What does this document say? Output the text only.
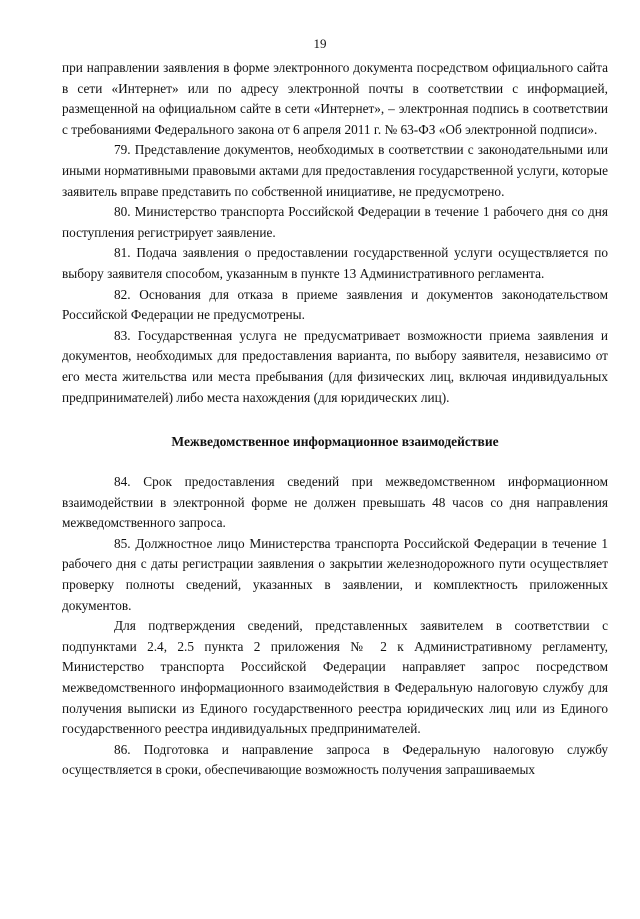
19

при направлении заявления в форме электронного документа посредством официального сайта в сети «Интернет» или по адресу электронной почты в соответствии с информацией, размещенной на официальном сайте в сети «Интернет», – электронная подпись в соответствии с требованиями Федерального закона от 6 апреля 2011 г. № 63-ФЗ «Об электронной подписи».

79. Представление документов, необходимых в соответствии с законодательными или иными нормативными правовыми актами для предоставления государственной услуги, которые заявитель вправе представить по собственной инициативе, не предусмотрено.

80. Министерство транспорта Российской Федерации в течение 1 рабочего дня со дня поступления регистрирует заявление.

81. Подача заявления о предоставлении государственной услуги осуществляется по выбору заявителя способом, указанным в пункте 13 Административного регламента.

82. Основания для отказа в приеме заявления и документов законодательством Российской Федерации не предусмотрены.

83. Государственная услуга не предусматривает возможности приема заявления и документов, необходимых для предоставления варианта, по выбору заявителя, независимо от его места жительства или места пребывания (для физических лиц, включая индивидуальных предпринимателей) либо места нахождения (для юридических лиц).

Межведомственное информационное взаимодействие

84. Срок предоставления сведений при межведомственном информационном взаимодействии в электронной форме не должен превышать 48 часов со дня направления межведомственного запроса.

85. Должностное лицо Министерства транспорта Российской Федерации в течение 1 рабочего дня с даты регистрации заявления о закрытии железнодорожного пути осуществляет проверку полноты сведений, указанных в заявлении, и комплектность приложенных документов.

Для подтверждения сведений, представленных заявителем в соответствии с подпунктами 2.4, 2.5 пункта 2 приложения № 2 к Административному регламенту, Министерство транспорта Российской Федерации направляет запрос посредством межведомственного информационного взаимодействия в Федеральную налоговую службу для получения выписки из Единого государственного реестра юридических лиц или из Единого государственного реестра индивидуальных предпринимателей.

86. Подготовка и направление запроса в Федеральную налоговую службу осуществляется в сроки, обеспечивающие возможность получения запрашиваемых
